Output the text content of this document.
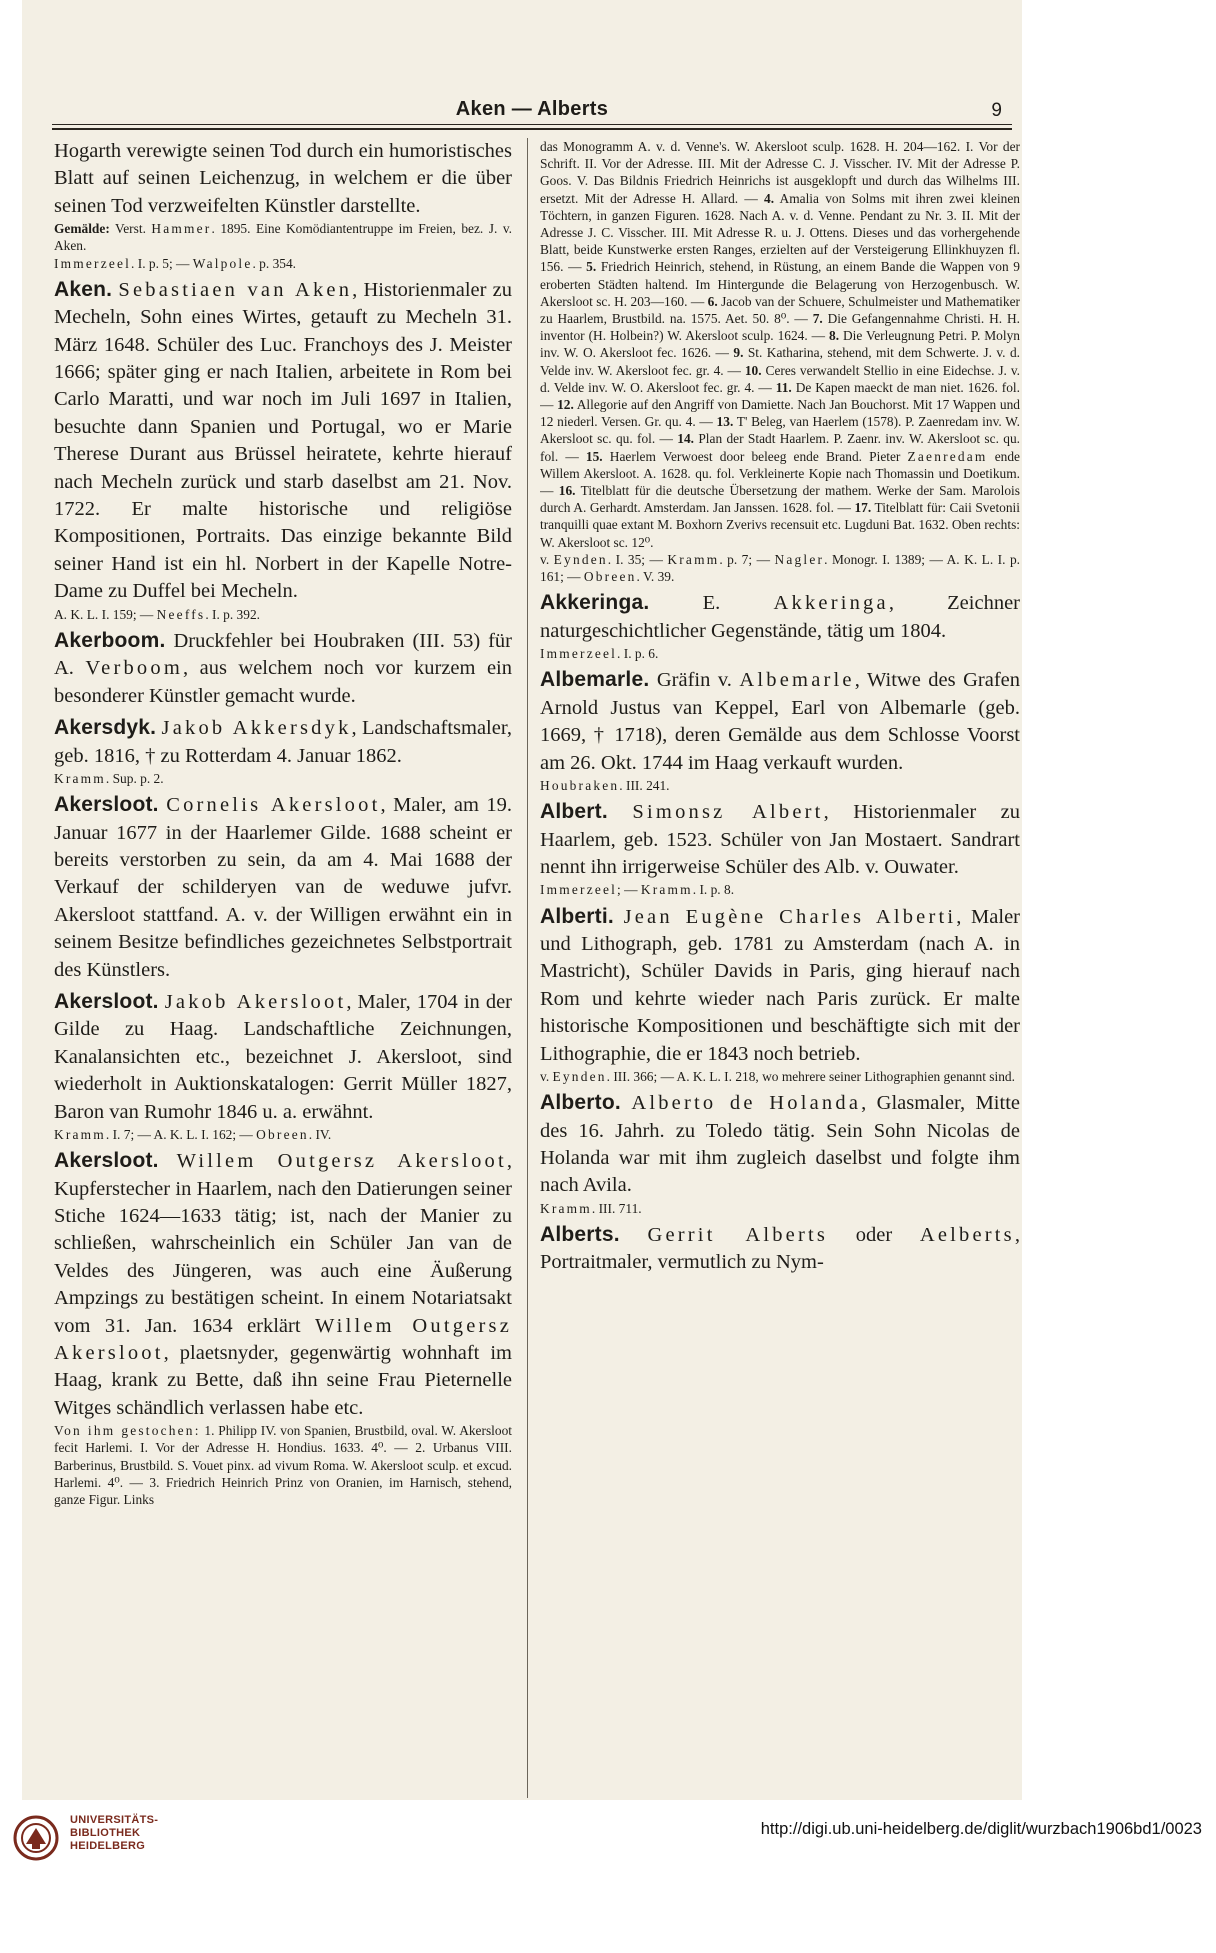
Aken — Alberts	9

Hogarth verewigte seinen Tod durch ein humoristisches Blatt auf seinen Leichenzug, in welchem er die über seinen Tod verzweifelten Künstler darstellte.

Gemälde: Verst. Hammer. 1895. Eine Komödiantentruppe im Freien, bez. J. v. Aken.

Immerzeel. I. p. 5; — Walpole. p. 354.

Aken. Sebastiaen van Aken, Historienmaler zu Mecheln, Sohn eines Wirtes, getauft zu Mecheln 31. März 1648. Schüler des Luc. Franchoys des J. Meister 1666; später ging er nach Italien, arbeitete in Rom bei Carlo Maratti, und war noch im Juli 1697 in Italien, besuchte dann Spanien und Portugal, wo er Marie Therese Durant aus Brüssel heiratete, kehrte hierauf nach Mecheln zurück und starb daselbst am 21. Nov. 1722. Er malte historische und religiöse Kompositionen, Portraits. Das einzige bekannte Bild seiner Hand ist ein hl. Norbert in der Kapelle Notre-Dame zu Duffel bei Mecheln.

A. K. L. I. 159; — Neeffs. I. p. 392.

Akerboom. Druckfehler bei Houbraken (III. 53) für A. Verboom, aus welchem noch vor kurzem ein besonderer Künstler gemacht wurde.

Akersdyk. Jakob Akkersdyk, Landschaftsmaler, geb. 1816, † zu Rotterdam 4. Januar 1862.

Kramm. Sup. p. 2.

Akersloot. Cornelis Akersloot, Maler, am 19. Januar 1677 in der Haarlemer Gilde. 1688 scheint er bereits verstorben zu sein, da am 4. Mai 1688 der Verkauf der schilderyen van de weduwe jufvr. Akersloot stattfand. A. v. der Willigen erwähnt ein in seinem Besitze befindliches gezeichnetes Selbstportrait des Künstlers.

Akersloot. Jakob Akersloot, Maler, 1704 in der Gilde zu Haag. Landschaftliche Zeichnungen, Kanalansichten etc., bezeichnet J. Akersloot, sind wiederholt in Auktionskatalogen: Gerrit Müller 1827, Baron van Rumohr 1846 u. a. erwähnt.

Kramm. I. 7; — A. K. L. I. 162; — Obreen. IV.

Akersloot. Willem Outgersz Akersloot, Kupferstecher in Haarlem, nach den Datierungen seiner Stiche 1624—1633 tätig; ist, nach der Manier zu schließen, wahrscheinlich ein Schüler Jan van de Veldes des Jüngeren, was auch eine Äußerung Ampzings zu bestätigen scheint. In einem Notariatsakt vom 31. Jan. 1634 erklärt Willem Outgersz Akersloot, plaetsnyder, gegenwärtig wohnhaft im Haag, krank zu Bette, daß ihn seine Frau Pieternelle Witges schändlich verlassen habe etc.

Von ihm gestochen: 1. Philipp IV. von Spanien, Brustbild, oval. W. Akersloot fecit Harlemi. I. Vor der Adresse H. Hondius. 1633. 4⁰. — 2. Urbanus VIII. Barberinus, Brustbild. S. Vouet pinx. ad vivum Roma. W. Akersloot sculp. et excud. Harlemi. 4⁰. — 3. Friedrich Heinrich Prinz von Oranien, im Harnisch, stehend, ganze Figur. Links

das Monogramm A. v. d. Venne's. W. Akersloot sculp. 1628. H. 204—162. I. Vor der Schrift. II. Vor der Adresse. III. Mit der Adresse C. J. Visscher. IV. Mit der Adresse P. Goos. V. Das Bildnis Friedrich Heinrichs ist ausgeklopft und durch das Wilhelms III. ersetzt. Mit der Adresse H. Allard. — 4. Amalia von Solms mit ihren zwei kleinen Töchtern, in ganzen Figuren. 1628. Nach A. v. d. Venne. Pendant zu Nr. 3. II. Mit der Adresse J. C. Visscher. III. Mit Adresse R. u. J. Ottens. Dieses und das vorhergehende Blatt, beide Kunstwerke ersten Ranges, erzielten auf der Versteigerung Ellinkhuyzen fl. 156. — 5. Friedrich Heinrich, stehend, in Rüstung, an einem Bande die Wappen von 9 eroberten Städten haltend. Im Hintergunde die Belagerung von Herzogenbusch. W. Akersloot sc. H. 203—160. — 6. Jacob van der Schuere, Schulmeister und Mathematiker zu Haarlem, Brustbild. na. 1575. Aet. 50. 8⁰. — 7. Die Gefangennahme Christi. H. H. inventor (H. Holbein?) W. Akersloot sculp. 1624. — 8. Die Verleugnung Petri. P. Molyn inv. W. O. Akersloot fec. 1626. — 9. St. Katharina, stehend, mit dem Schwerte. J. v. d. Velde inv. W. Akersloot fec. gr. 4. — 10. Ceres verwandelt Stellio in eine Eidechse. J. v. d. Velde inv. W. O. Akersloot fec. gr. 4. — 11. De Kapen maeckt de man niet. 1626. fol. — 12. Allegorie auf den Angriff von Damiette. Nach Jan Bouchorst. Mit 17 Wappen und 12 niederl. Versen. Gr. qu. 4. — 13. T' Beleg, van Haerlem (1578). P. Zaenredam inv. W. Akersloot sc. qu. fol. — 14. Plan der Stadt Haarlem. P. Zaenr. inv. W. Akersloot sc. qu. fol. — 15. Haerlem Verwoest door beleeg ende Brand. Pieter Zaenredam ende Willem Akersloot. A. 1628. qu. fol. Verkleinerte Kopie nach Thomassin und Doetikum. — 16. Titelblatt für die deutsche Übersetzung der mathem. Werke der Sam. Marolois durch A. Gerhardt. Amsterdam. Jan Janssen. 1628. fol. — 17. Titelblatt für: Caii Svetonii tranquilli quae extant M. Boxhorn Zverivs recensuit etc. Lugduni Bat. 1632. Oben rechts: W. Akersloot sc. 12⁰.

v. Eynden. I. 35; — Kramm. p. 7; — Nagler. Monogr. I. 1389; — A. K. L. I. p. 161; — Obreen. V. 39.

Akkeringa. E. Akkeringa, Zeichner naturgeschichtlicher Gegenstände, tätig um 1804.

Immerzeel. I. p. 6.

Albemarle. Gräfin v. Albemarle, Witwe des Grafen Arnold Justus van Keppel, Earl von Albemarle (geb. 1669, † 1718), deren Gemälde aus dem Schlosse Voorst am 26. Okt. 1744 im Haag verkauft wurden.

Houbraken. III. 241.

Albert. Simonsz Albert, Historienmaler zu Haarlem, geb. 1523. Schüler von Jan Mostaert. Sandrart nennt ihn irrigerweise Schüler des Alb. v. Ouwater.

Immerzeel; — Kramm. I. p. 8.

Alberti. Jean Eugène Charles Alberti, Maler und Lithograph, geb. 1781 zu Amsterdam (nach A. in Mastricht), Schüler Davids in Paris, ging hierauf nach Rom und kehrte wieder nach Paris zurück. Er malte historische Kompositionen und beschäftigte sich mit der Lithographie, die er 1843 noch betrieb.

v. Eynden. III. 366; — A. K. L. I. 218, wo mehrere seiner Lithographien genannt sind.

Alberto. Alberto de Holanda, Glasmaler, Mitte des 16. Jahrh. zu Toledo tätig. Sein Sohn Nicolas de Holanda war mit ihm zugleich daselbst und folgte ihm nach Avila.

Kramm. III. 711.

Alberts. Gerrit Alberts oder Aelberts, Portraitmaler, vermutlich zu Nym-

UNIVERSITÄTS-
BIBLIOTHEK
HEIDELBERG
http://digi.ub.uni-heidelberg.de/diglit/wurzbach1906bd1/0023
